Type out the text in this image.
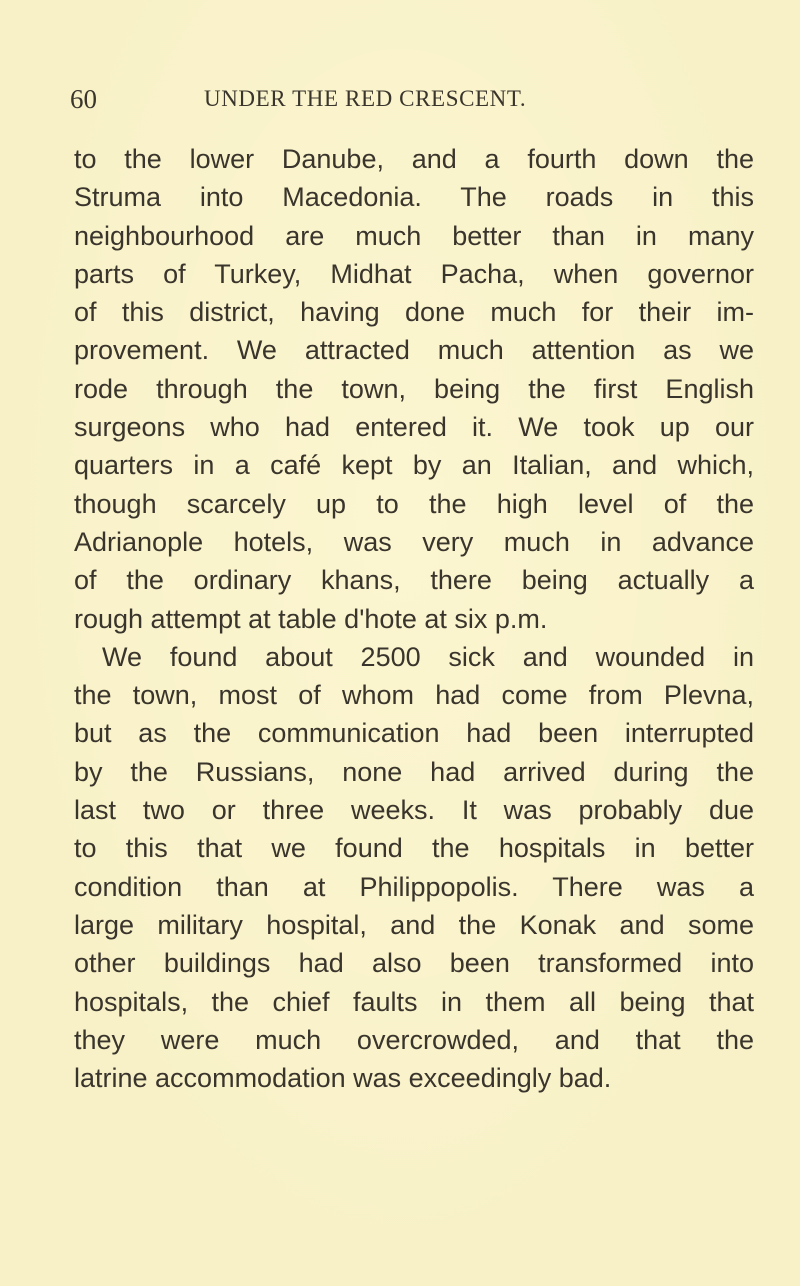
60	UNDER THE RED CRESCENT.
to the lower Danube, and a fourth down the
Struma into Macedonia. The roads in this
neighbourhood are much better than in many
parts of Turkey, Midhat Pacha, when governor
of this district, having done much for their im-
provement. We attracted much attention as we
rode through the town, being the first English
surgeons who had entered it. We took up our
quarters in a café kept by an Italian, and which,
though scarcely up to the high level of the
Adrianople hotels, was very much in advance
of the ordinary khans, there being actually a
rough attempt at table d'hote at six p.m.
We found about 2500 sick and wounded in
the town, most of whom had come from Plevna,
but as the communication had been interrupted
by the Russians, none had arrived during the
last two or three weeks. It was probably due
to this that we found the hospitals in better
condition than at Philippopolis. There was a
large military hospital, and the Konak and some
other buildings had also been transformed into
hospitals, the chief faults in them all being that
they were much overcrowded, and that the
latrine accommodation was exceedingly bad.
